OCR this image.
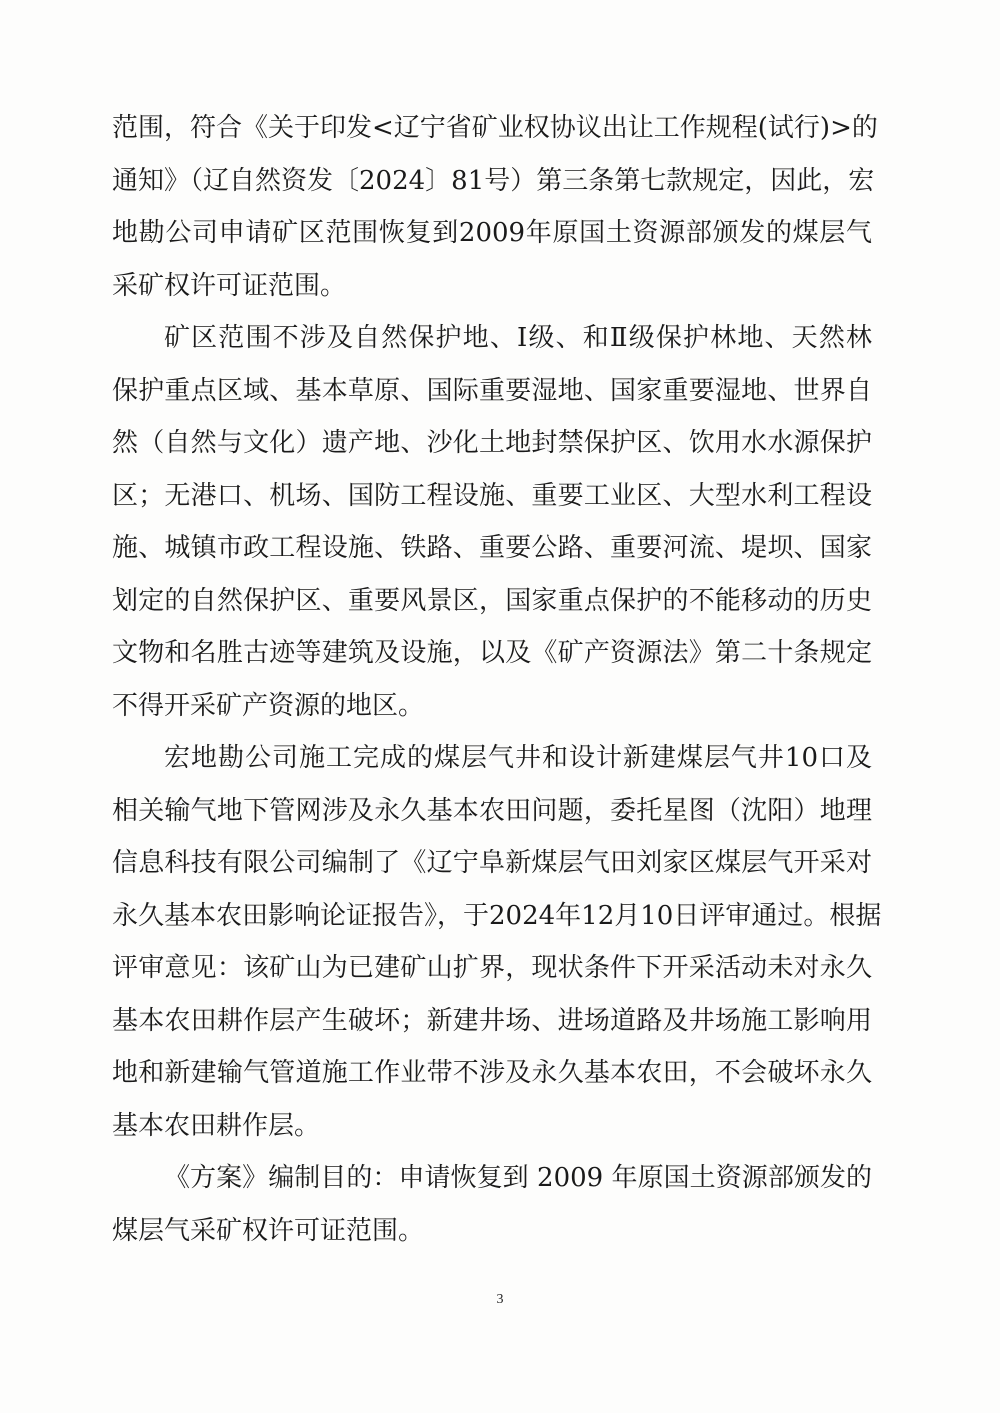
范围，符合《关于印发<辽宁省矿业权协议出让工作规程(试行)>的
通知》（辽自然资发〔2024〕81号）第三条第七款规定，因此，宏
地勘公司申请矿区范围恢复到2009年原国土资源部颁发的煤层气
采矿权许可证范围。
矿区范围不涉及自然保护地、Ⅰ级、和Ⅱ级保护林地、天然林
保护重点区域、基本草原、国际重要湿地、国家重要湿地、世界自
然（自然与文化）遗产地、沙化土地封禁保护区、饮用水水源保护
区；无港口、机场、国防工程设施、重要工业区、大型水利工程设
施、城镇市政工程设施、铁路、重要公路、重要河流、堤坝、国家
划定的自然保护区、重要风景区，国家重点保护的不能移动的历史
文物和名胜古迹等建筑及设施，以及《矿产资源法》第二十条规定
不得开采矿产资源的地区。
宏地勘公司施工完成的煤层气井和设计新建煤层气井10口及
相关输气地下管网涉及永久基本农田问题，委托星图（沈阳）地理
信息科技有限公司编制了《辽宁阜新煤层气田刘家区煤层气开采对
永久基本农田影响论证报告》，于2024年12月10日评审通过。根据
评审意见：该矿山为已建矿山扩界，现状条件下开采活动未对永久
基本农田耕作层产生破坏；新建井场、进场道路及井场施工影响用
地和新建输气管道施工作业带不涉及永久基本农田，不会破坏永久
基本农田耕作层。
《方案》编制目的：申请恢复到 2009 年原国土资源部颁发的
煤层气采矿权许可证范围。
3
